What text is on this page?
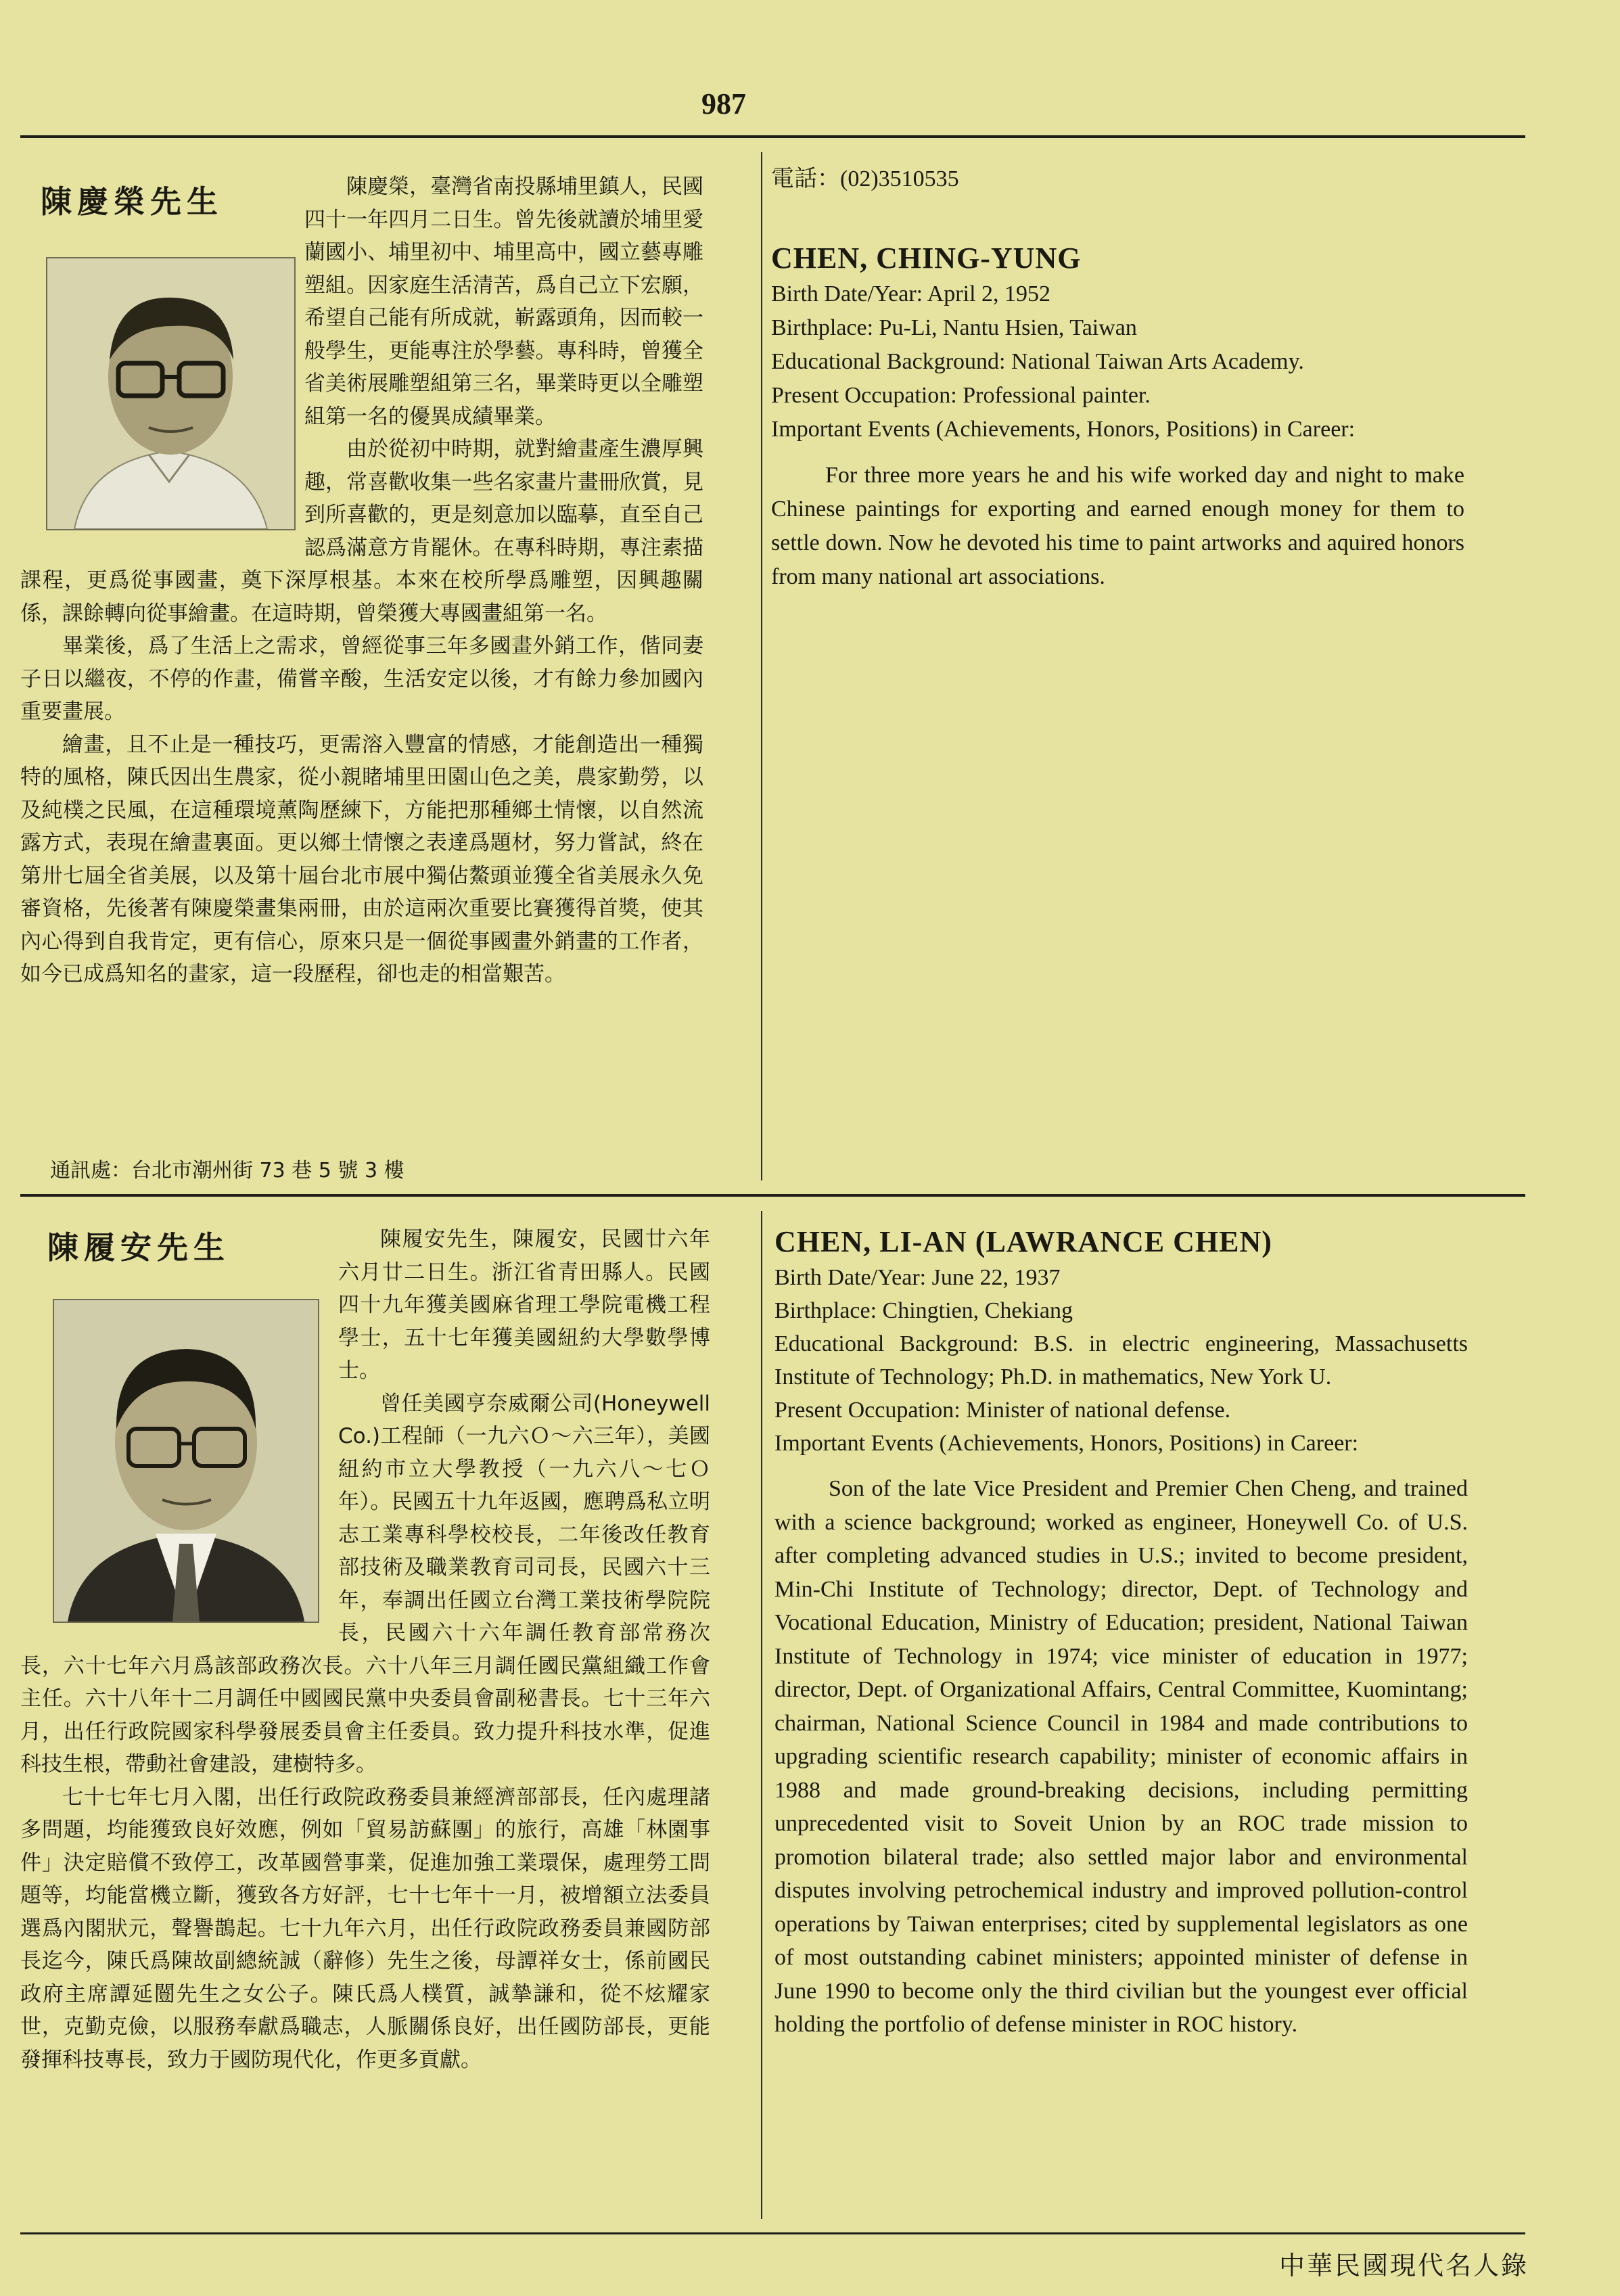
987
陳慶榮先生	陳慶榮，臺灣省南投縣埔里鎮人，民國四十一年四月二日生。曾先後就讀於埔里愛蘭國小、埔里初中、埔里高中，國立藝專雕塑組。因家庭生活清苦，爲自己立下宏願，希望自己能有所成就，嶄露頭角，因而較一般學生，更能專注於學藝。專科時，曾獲全省美術展雕塑組第三名，畢業時更以全雕塑組第一名的優異成績畢業。

由於從初中時期，就對繪畫產生濃厚興趣，常喜歡收集一些名家畫片畫冊欣賞，見到所喜歡的，更是刻意加以臨摹，直至自己認爲滿意方肯罷休。在專科時期，專注素描課程，更爲從事國畫，奠下深厚根基。本來在校所學爲雕塑，因興趣關係，課餘轉向從事繪畫。在這時期，曾榮獲大專國畫組第一名。

畢業後，爲了生活上之需求，曾經從事三年多國畫外銷工作，偕同妻子日以繼夜，不停的作畫，備嘗辛酸，生活安定以後，才有餘力參加國內重要畫展。

繪畫，且不止是一種技巧，更需溶入豐富的情感，才能創造出一種獨特的風格，陳氏因出生農家，從小親睹埔里田園山色之美，農家勤勞，以及純樸之民風，在這種環境薰陶歷練下，方能把那種鄉土情懷，以自然流露方式，表現在繪畫裏面。更以鄉土情懷之表達爲題材，努力嘗試，終在第卅七屆全省美展，以及第十屆台北市展中獨佔鰲頭並獲全省美展永久免審資格，先後著有陳慶榮畫集兩冊，由於這兩次重要比賽獲得首獎，使其內心得到自我肯定，更有信心，原來只是一個從事國畫外銷畫的工作者，如今已成爲知名的畫家，這一段歷程，卻也走的相當艱苦。

通訊處：台北市潮州街 73 巷 5 號 3 樓
電話：(02)3510535
CHEN, CHING-YUNG

Birth Date/Year: April 2, 1952

Birthplace: Pu-Li, Nantu Hsien, Taiwan

Educational Background: National Taiwan Arts Academy.

Present Occupation: Professional painter.

Important Events (Achievements, Honors, Positions) in Career:

For three more years he and his wife worked day and night to make Chinese paintings for exporting and earned enough money for them to settle down. Now he devoted his time to paint artworks and aquired honors from many national art associations.

陳履安先生	陳履安先生，陳履安，民國廿六年六月廿二日生。浙江省青田縣人。民國四十九年獲美國麻省理工學院電機工程學士，五十七年獲美國紐約大學數學博士。

曾任美國亨奈威爾公司(Honeywell Co.)工程師（一九六Ｏ～六三年），美國紐約市立大學教授（一九六八～七Ｏ年）。民國五十九年返國，應聘爲私立明志工業專科學校校長，二年後改任教育部技術及職業教育司司長，民國六十三年，奉調出任國立台灣工業技術學院院長，民國六十六年調任教育部常務次長，六十七年六月爲該部政務次長。六十八年三月調任國民黨組織工作會主任。六十八年十二月調任中國國民黨中央委員會副秘書長。七十三年六月，出任行政院國家科學發展委員會主任委員。致力提升科技水準，促進科技生根，帶動社會建設，建樹特多。

七十七年七月入閣，出任行政院政務委員兼經濟部部長，任內處理諸多問題，均能獲致良好效應，例如「貿易訪蘇團」的旅行，高雄「林園事件」決定賠償不致停工，改革國營事業，促進加強工業環保，處理勞工問題等，均能當機立斷，獲致各方好評，七十七年十一月，被增額立法委員選爲內閣狀元，聲譽鵲起。七十九年六月，出任行政院政務委員兼國防部長迄今，陳氏爲陳故副總統誠（辭修）先生之後，母譚祥女士，係前國民政府主席譚延闓先生之女公子。陳氏爲人樸質，誠摯謙和，從不炫耀家世，克勤克儉，以服務奉獻爲職志，人脈關係良好，出任國防部長，更能發揮科技專長，致力于國防現代化，作更多貢獻。

CHEN, LI-AN (LAWRANCE CHEN)

Birth Date/Year: June 22, 1937

Birthplace: Chingtien, Chekiang

Educational Background: B.S. in electric engineering, Massachusetts Institute of Technology; Ph.D. in mathematics, New York U.

Present Occupation: Minister of national defense.

Important Events (Achievements, Honors, Positions) in Career:

Son of the late Vice President and Premier Chen Cheng, and trained with a science background; worked as engineer, Honeywell Co. of U.S. after completing advanced studies in U.S.; invited to become president, Min-Chi Institute of Technology; director, Dept. of Technology and Vocational Education, Ministry of Education; president, National Taiwan Institute of Technology in 1974; vice minister of education in 1977; director, Dept. of Organizational Affairs, Central Committee, Kuomintang; chairman, National Science Council in 1984 and made contributions to upgrading scientific research capability; minister of economic affairs in 1988 and made ground-breaking decisions, including permitting unprecedented visit to Soveit Union by an ROC trade mission to promotion bilateral trade; also settled major labor and environmental disputes involving petrochemical industry and improved pollution-control operations by Taiwan enterprises; cited by supplemental legislators as one of most outstanding cabinet ministers; appointed minister of defense in June 1990 to become only the third civilian but the youngest ever official holding the portfolio of defense minister in ROC history.

中華民國現代名人錄
